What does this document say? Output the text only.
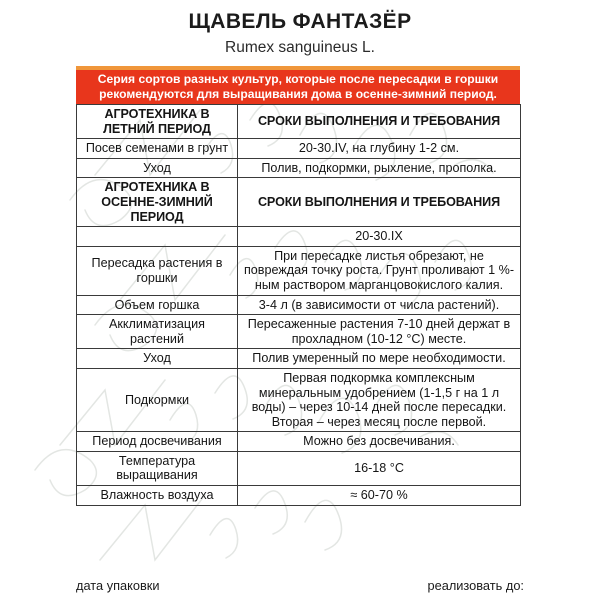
ЩАВЕЛЬ ФАНТАЗЁР
Rumex sanguineus L.
Серия сортов разных культур, которые после пересадки в горшки рекомендуются для выращивания дома в осенне-зимний период.
АГРОТЕХНИКА В ЛЕТНИЙ ПЕРИОД	СРОКИ ВЫПОЛНЕНИЯ И ТРЕБОВАНИЯ
Посев семенами в грунт	20-30.IV, на глубину 1-2 см.
Уход	Полив, подкормки, рыхление, прополка.
АГРОТЕХНИКА В ОСЕННЕ-ЗИМНИЙ ПЕРИОД	СРОКИ ВЫПОЛНЕНИЯ И ТРЕБОВАНИЯ
	20-30.IX
Пересадка растения в горшки	При пересадке листья обрезают, не повреждая точку роста. Грунт проливают 1 %-ным раствором марганцовокислого калия.
Объем горшка	3-4 л (в зависимости от числа растений).
Акклиматизация растений	Пересаженные растения 7-10 дней держат в прохладном (10-12 °С) месте.
Уход	Полив умеренный по мере необходимости.
Подкормки	Первая подкормка комплексным минеральным удобрением (1-1,5 г на 1 л воды) – через 10-14 дней после пересадки. Вторая – через месяц после первой.
Период досвечивания	Можно без досвечивания.
Температура выращивания	16-18 °С
Влажность воздуха	≈ 60-70 %
дата упаковки	реализовать до:
